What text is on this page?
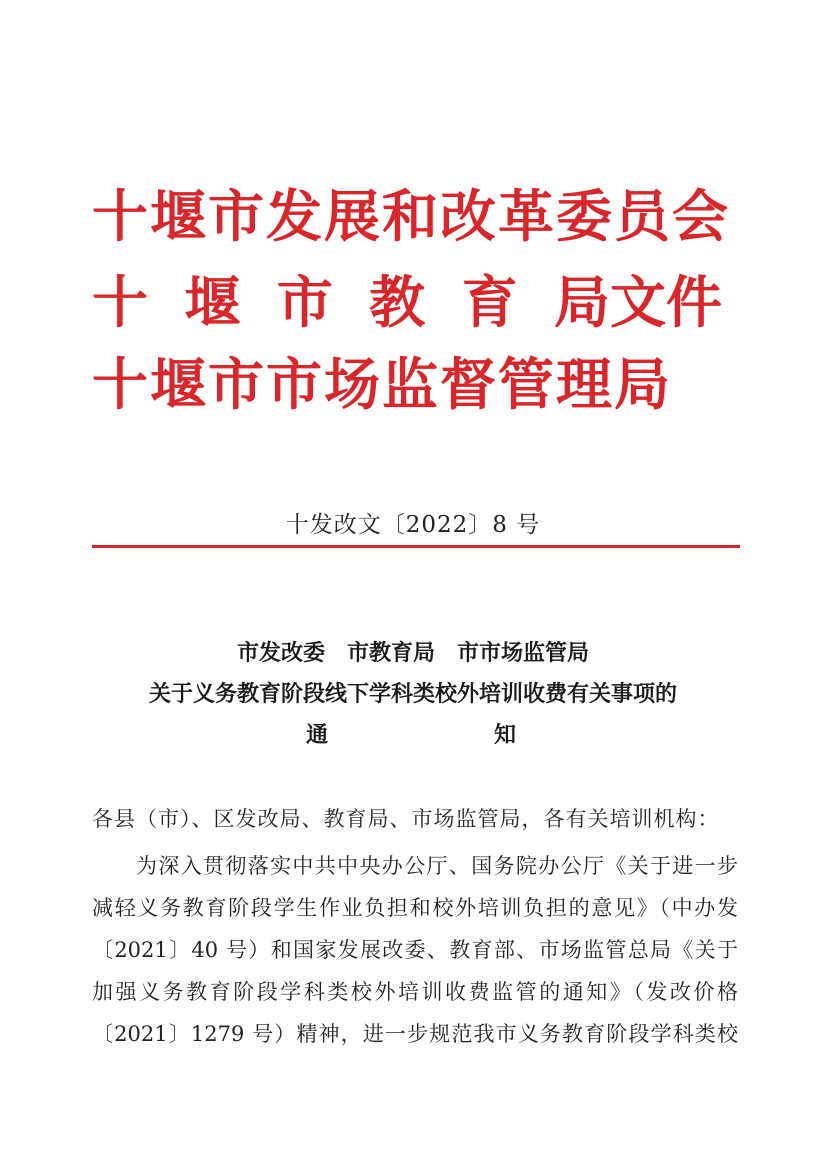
十堰市发展和改革委员会
十 堰 市 教 育 局文件
十堰市市场监督管理局
十发改文〔2022〕8 号
市发改委　市教育局　市市场监管局
关于义务教育阶段线下学科类校外培训收费有关事项的
通	知
各县（市）、区发改局、教育局、市场监管局，各有关培训机构：
为深入贯彻落实中共中央办公厅、国务院办公厅《关于进一步
减轻义务教育阶段学生作业负担和校外培训负担的意见》（中办发
〔2021〕40 号）和国家发展改委、教育部、市场监管总局《关于
加强义务教育阶段学科类校外培训收费监管的通知》（发改价格
〔2021〕1279 号）精神，进一步规范我市义务教育阶段学科类校
